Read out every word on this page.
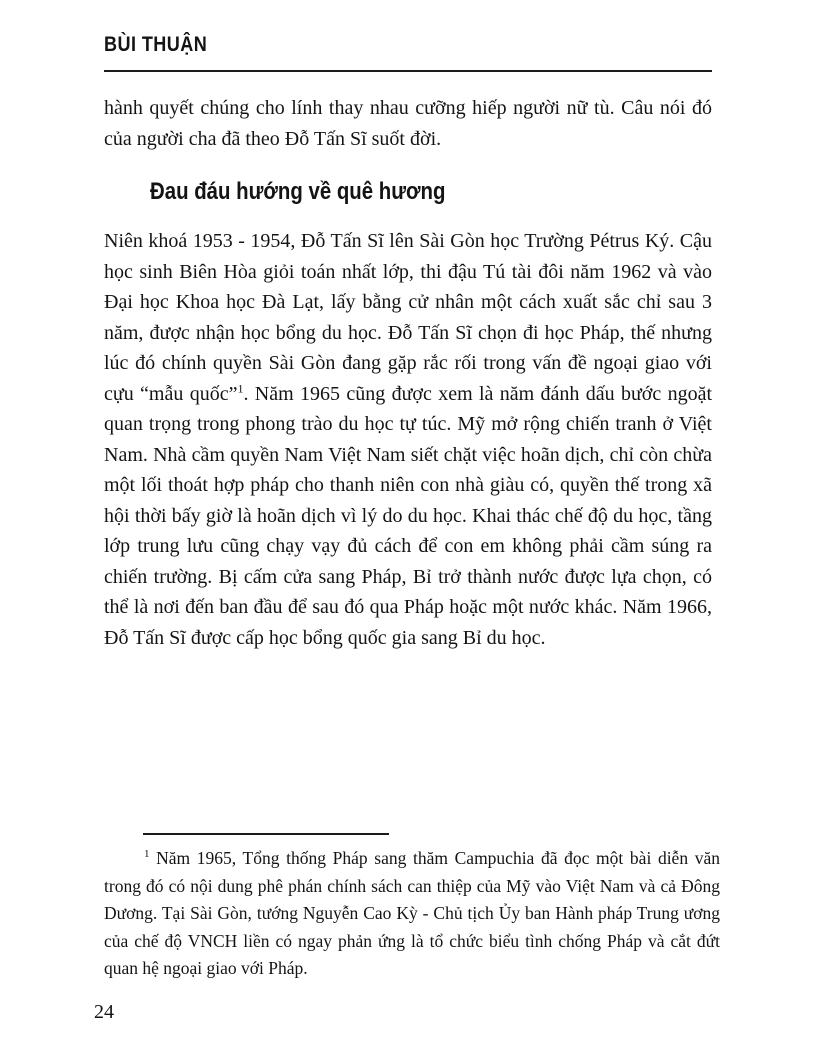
BÙI THUẬN

hành quyết chúng cho lính thay nhau cưỡng hiếp người nữ tù. Câu nói đó của người cha đã theo Đỗ Tấn Sĩ suốt đời.

Đau đáu hướng về quê hương

Niên khoá 1953 - 1954, Đỗ Tấn Sĩ lên Sài Gòn học Trường Pétrus Ký. Cậu học sinh Biên Hòa giỏi toán nhất lớp, thi đậu Tú tài đôi năm 1962 và vào Đại học Khoa học Đà Lạt, lấy bằng cử nhân một cách xuất sắc chỉ sau 3 năm, được nhận học bổng du học. Đỗ Tấn Sĩ chọn đi học Pháp, thế nhưng lúc đó chính quyền Sài Gòn đang gặp rắc rối trong vấn đề ngoại giao với cựu “mẫu quốc”$^1$. Năm 1965 cũng được xem là năm đánh dấu bước ngoặt quan trọng trong phong trào du học tự túc. Mỹ mở rộng chiến tranh ở Việt Nam. Nhà cầm quyền Nam Việt Nam siết chặt việc hoãn dịch, chỉ còn chừa một lối thoát hợp pháp cho thanh niên con nhà giàu có, quyền thế trong xã hội thời bấy giờ là hoãn dịch vì lý do du học. Khai thác chế độ du học, tầng lớp trung lưu cũng chạy vạy đủ cách để con em không phải cầm súng ra chiến trường. Bị cấm cửa sang Pháp, Bỉ trở thành nước được lựa chọn, có thể là nơi đến ban đầu để sau đó qua Pháp hoặc một nước khác. Năm 1966, Đỗ Tấn Sĩ được cấp học bổng quốc gia sang Bỉ du học.

$^1$ Năm 1965, Tổng thống Pháp sang thăm Campuchia đã đọc một bài diễn văn trong đó có nội dung phê phán chính sách can thiệp của Mỹ vào Việt Nam và cả Đông Dương. Tại Sài Gòn, tướng Nguyễn Cao Kỳ - Chủ tịch Ủy ban Hành pháp Trung ương của chế độ VNCH liền có ngay phản ứng là tổ chức biểu tình chống Pháp và cắt đứt quan hệ ngoại giao với Pháp.

24
